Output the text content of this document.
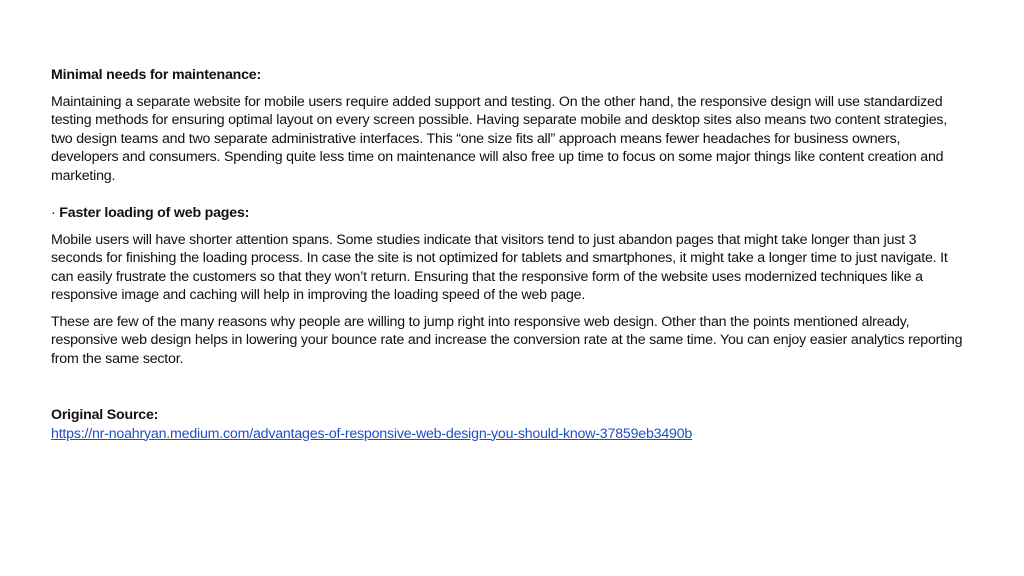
Minimal needs for maintenance:

Maintaining a separate website for mobile users require added support and testing. On the other hand, the responsive design will use standardized testing methods for ensuring optimal layout on every screen possible. Having separate mobile and desktop sites also means two content strategies, two design teams and two separate administrative interfaces. This “one size fits all” approach means fewer headaches for business owners, developers and consumers. Spending quite less time on maintenance will also free up time to focus on some major things like content creation and marketing.

· Faster loading of web pages:

Mobile users will have shorter attention spans. Some studies indicate that visitors tend to just abandon pages that might take longer than just 3 seconds for finishing the loading process. In case the site is not optimized for tablets and smartphones, it might take a longer time to just navigate. It can easily frustrate the customers so that they won’t return. Ensuring that the responsive form of the website uses modernized techniques like a responsive image and caching will help in improving the loading speed of the web page.

These are few of the many reasons why people are willing to jump right into responsive web design. Other than the points mentioned already, responsive web design helps in lowering your bounce rate and increase the conversion rate at the same time. You can enjoy easier analytics reporting from the same sector.

Original Source:

https://nr-noahryan.medium.com/advantages-of-responsive-web-design-you-should-know-37859eb3490b
